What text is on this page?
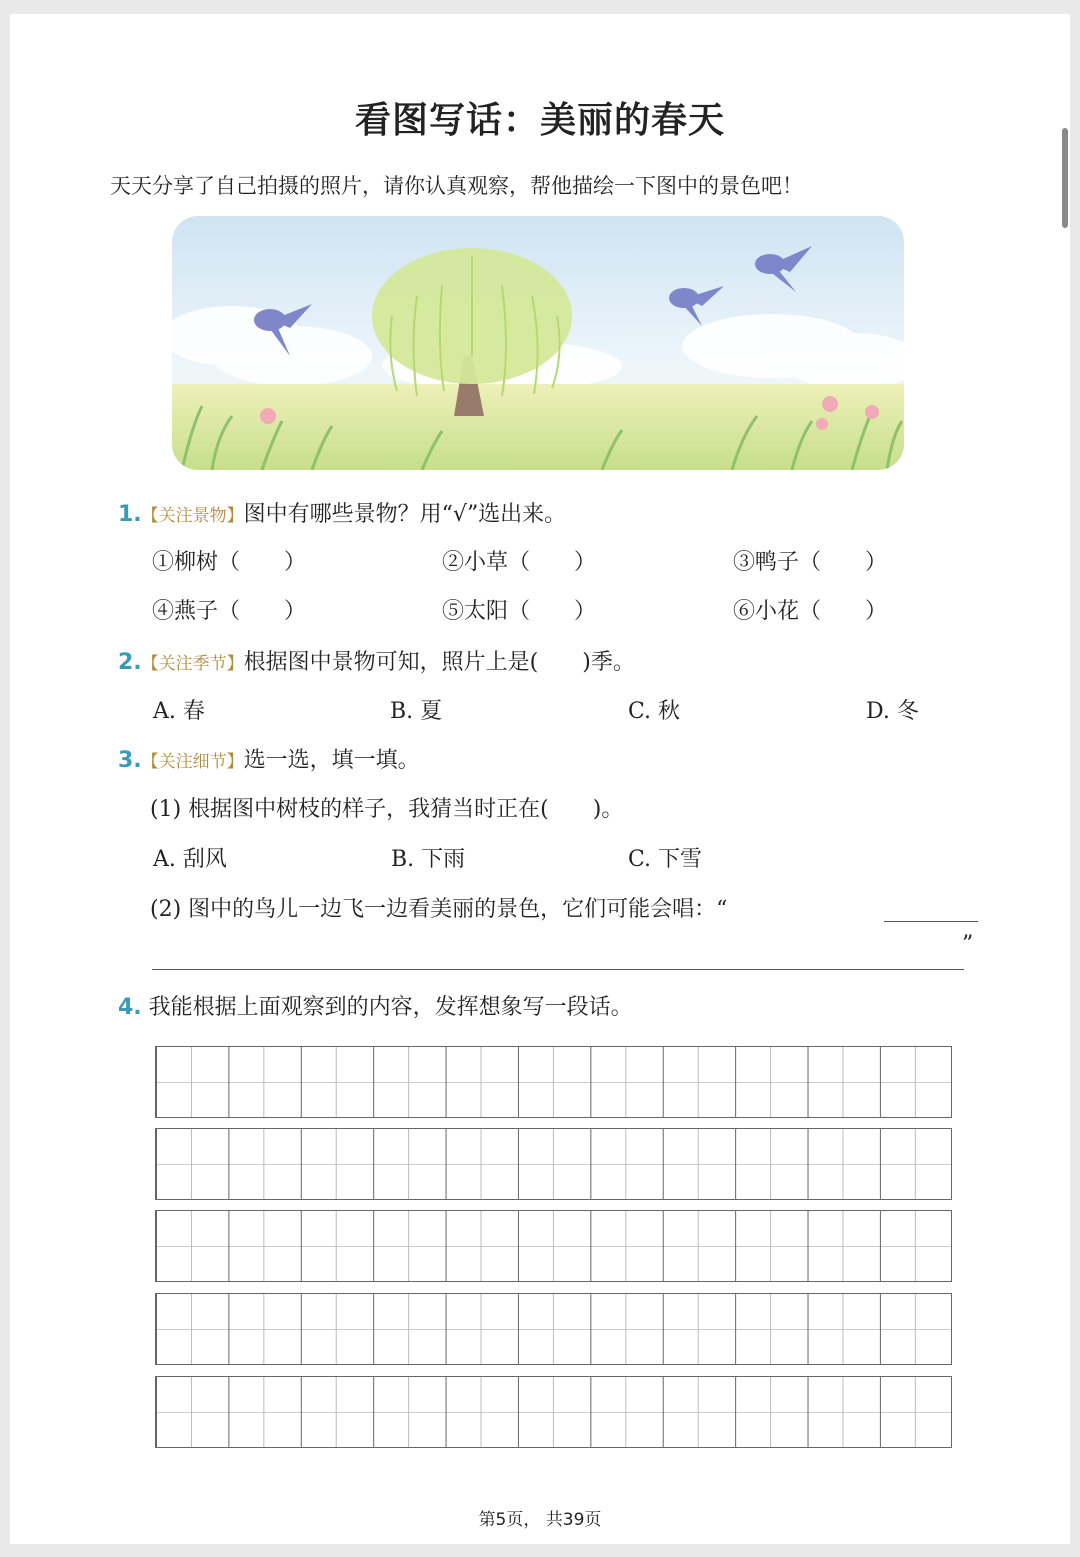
看图写话：美丽的春天
天天分享了自己拍摄的照片，请你认真观察，帮他描绘一下图中的景色吧！
1.【关注景物】图中有哪些景物？用“√”选出来。
①柳树（　　）	②小草（　　）	③鸭子（　　）
④燕子（　　）	⑤太阳（　　）	⑥小花（　　）
2.【关注季节】根据图中景物可知，照片上是(　　)季。
A. 春	B. 夏	C. 秋	D. 冬
3.【关注细节】选一选，填一填。
(1) 根据图中树枝的样子，我猜当时正在(　　)。
A. 刮风	B. 下雨	C. 下雪
(2) 图中的鸟儿一边飞一边看美丽的景色，它们可能会唱：“
”
4. 我能根据上面观察到的内容，发挥想象写一段话。
第5页， 共39页
